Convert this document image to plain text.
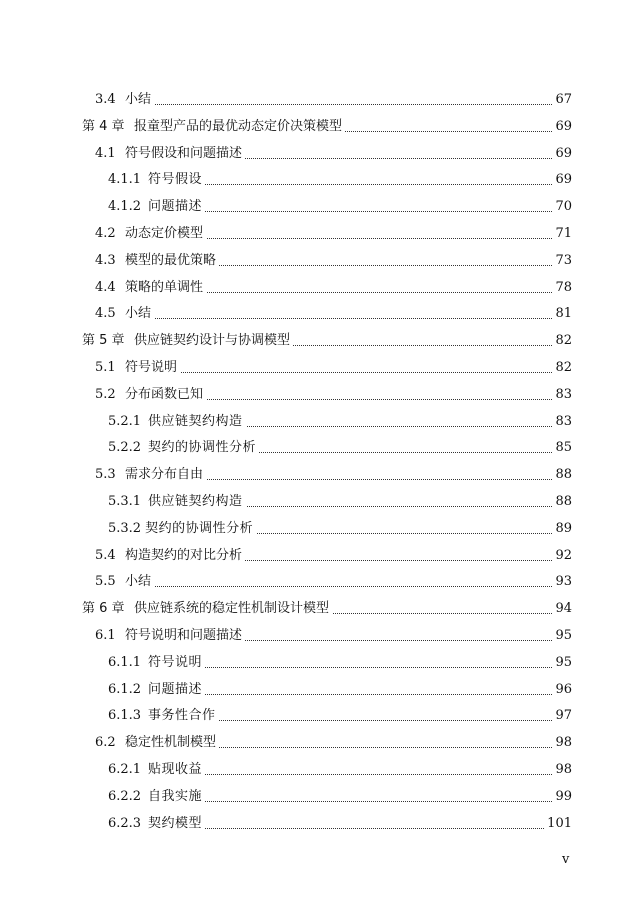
3.4 小结	67
第 4 章 报童型产品的最优动态定价决策模型	69
4.1 符号假设和问题描述	69
4.1.1 符号假设	69
4.1.2 问题描述	70
4.2 动态定价模型	71
4.3 模型的最优策略	73
4.4 策略的单调性	78
4.5 小结	81
第 5 章 供应链契约设计与协调模型	82
5.1 符号说明	82
5.2 分布函数已知	83
5.2.1 供应链契约构造	83
5.2.2 契约的协调性分析	85
5.3 需求分布自由	88
5.3.1 供应链契约构造	88
5.3.2 契约的协调性分析	89
5.4 构造契约的对比分析	92
5.5 小结	93
第 6 章 供应链系统的稳定性机制设计模型	94
6.1 符号说明和问题描述	95
6.1.1 符号说明	95
6.1.2 问题描述	96
6.1.3 事务性合作	97
6.2 稳定性机制模型	98
6.2.1 贴现收益	98
6.2.2 自我实施	99
6.2.3 契约模型	101
v
